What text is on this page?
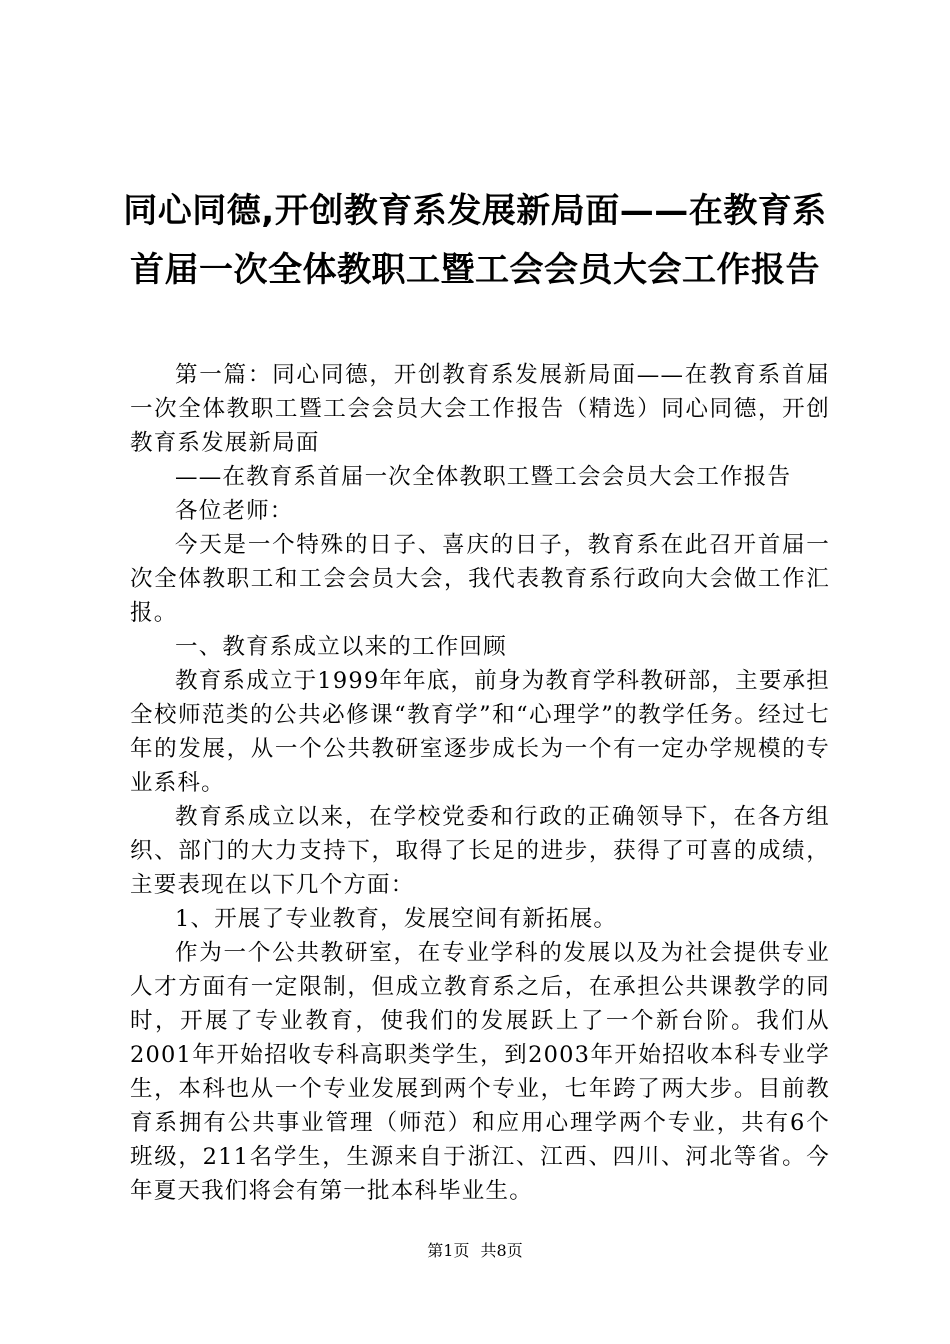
同心同德,开创教育系发展新局面——在教育系首届一次全体教职工暨工会会员大会工作报告

第一篇：同心同德，开创教育系发展新局面——在教育系首届一次全体教职工暨工会会员大会工作报告（精选）同心同德，开创教育系发展新局面

——在教育系首届一次全体教职工暨工会会员大会工作报告

各位老师：

今天是一个特殊的日子、喜庆的日子，教育系在此召开首届一次全体教职工和工会会员大会，我代表教育系行政向大会做工作汇报。

一、教育系成立以来的工作回顾

教育系成立于1999年年底，前身为教育学科教研部，主要承担全校师范类的公共必修课“教育学”和“心理学”的教学任务。经过七年的发展，从一个公共教研室逐步成长为一个有一定办学规模的专业系科。

教育系成立以来，在学校党委和行政的正确领导下，在各方组织、部门的大力支持下，取得了长足的进步，获得了可喜的成绩，主要表现在以下几个方面：

1、开展了专业教育，发展空间有新拓展。

作为一个公共教研室，在专业学科的发展以及为社会提供专业人才方面有一定限制，但成立教育系之后，在承担公共课教学的同时，开展了专业教育，使我们的发展跃上了一个新台阶。我们从2001年开始招收专科高职类学生，到2003年开始招收本科专业学生，本科也从一个专业发展到两个专业，七年跨了两大步。目前教育系拥有公共事业管理（师范）和应用心理学两个专业，共有6个班级，211名学生，生源来自于浙江、江西、四川、河北等省。今年夏天我们将会有第一批本科毕业生。

第1页 共8页
